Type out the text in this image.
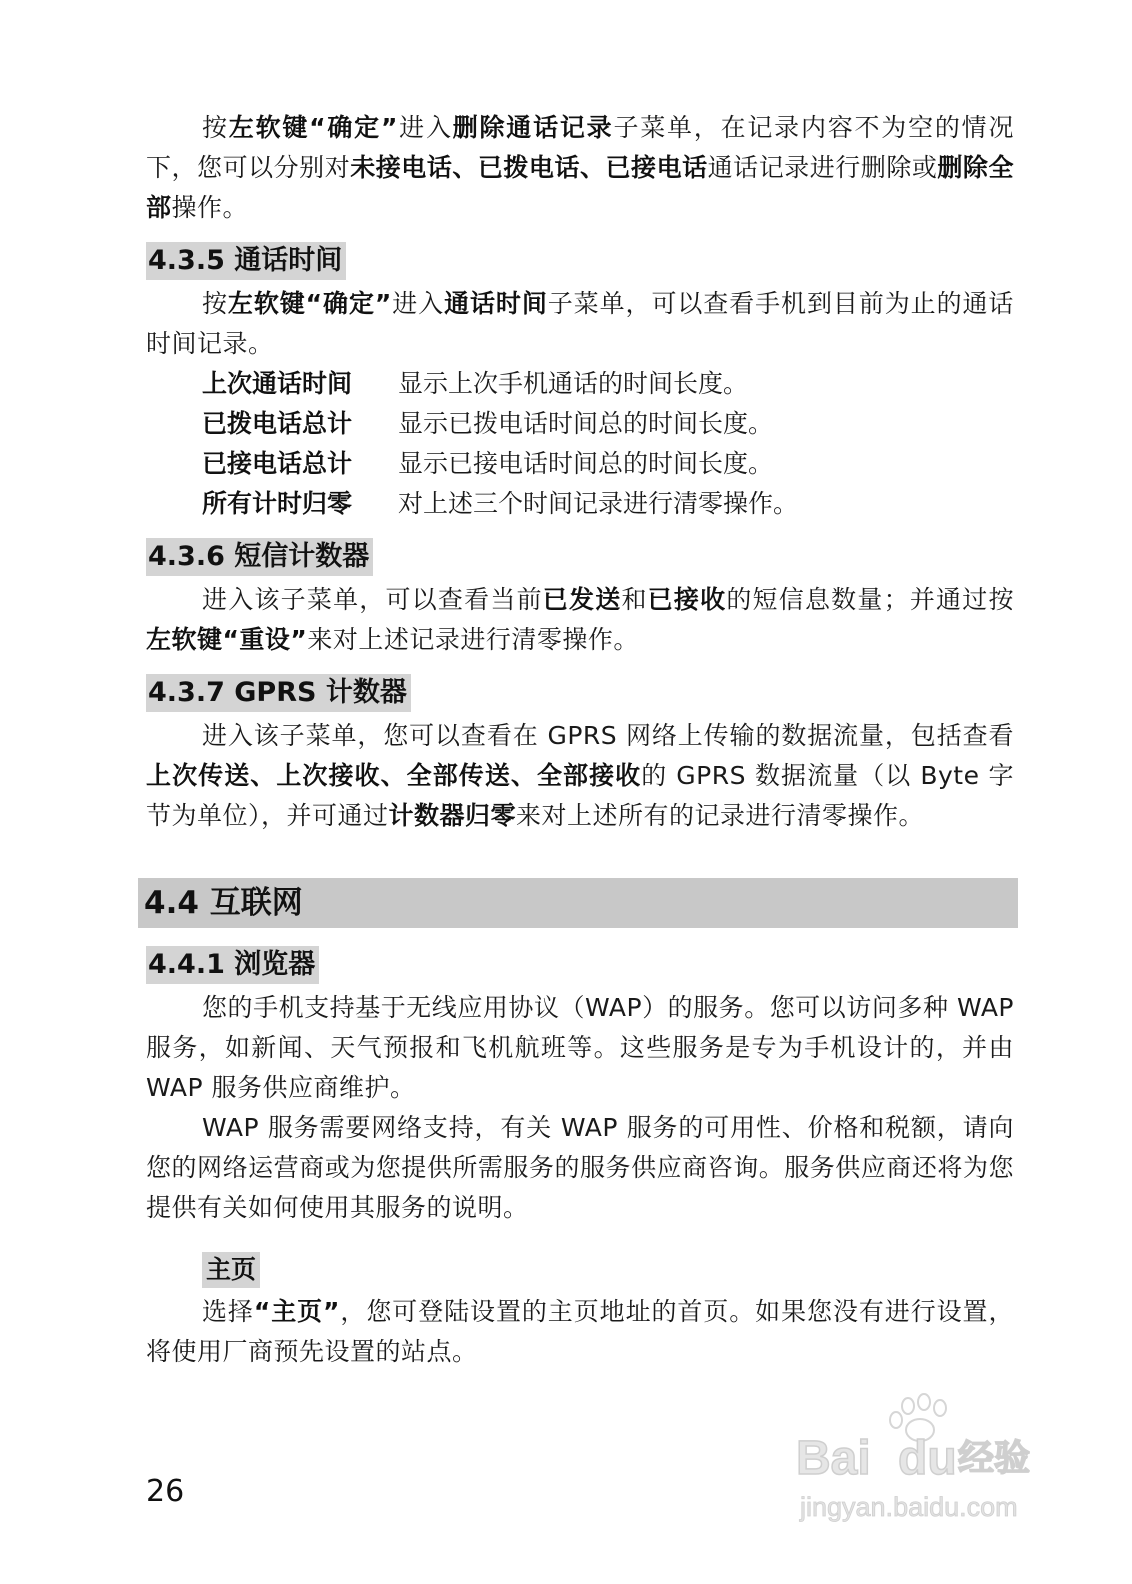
按左软键“确定”进入删除通话记录子菜单，在记录内容不为空的情况下，您可以分别对未接电话、已拨电话、已接电话通话记录进行删除或删除全部操作。

4.3.5 通话时间

按左软键“确定”进入通话时间子菜单，可以查看手机到目前为止的通话时间记录。

上次通话时间	显示上次手机通话的时间长度。
已拨电话总计	显示已拨电话时间总的时间长度。
已接电话总计	显示已接电话时间总的时间长度。
所有计时归零	对上述三个时间记录进行清零操作。
4.3.6 短信计数器

进入该子菜单，可以查看当前已发送和已接收的短信息数量；并通过按左软键“重设”来对上述记录进行清零操作。

4.3.7 GPRS 计数器

进入该子菜单，您可以查看在 GPRS 网络上传输的数据流量，包括查看上次传送、上次接收、全部传送、全部接收的 GPRS 数据流量（以 Byte 字节为单位），并可通过计数器归零来对上述所有的记录进行清零操作。

4.4 互联网
4.4.1 浏览器

您的手机支持基于无线应用协议（WAP）的服务。您可以访问多种 WAP 服务，如新闻、天气预报和飞机航班等。这些服务是专为手机设计的，并由 WAP 服务供应商维护。

WAP 服务需要网络支持，有关 WAP 服务的可用性、价格和税额，请向您的网络运营商或为您提供所需服务的服务供应商咨询。服务供应商还将为您提供有关如何使用其服务的说明。

主页

选择“主页”，您可登陆设置的主页地址的首页。如果您没有进行设置，将使用厂商预先设置的站点。

26
Bai du 经验
jingyan.baidu.com
